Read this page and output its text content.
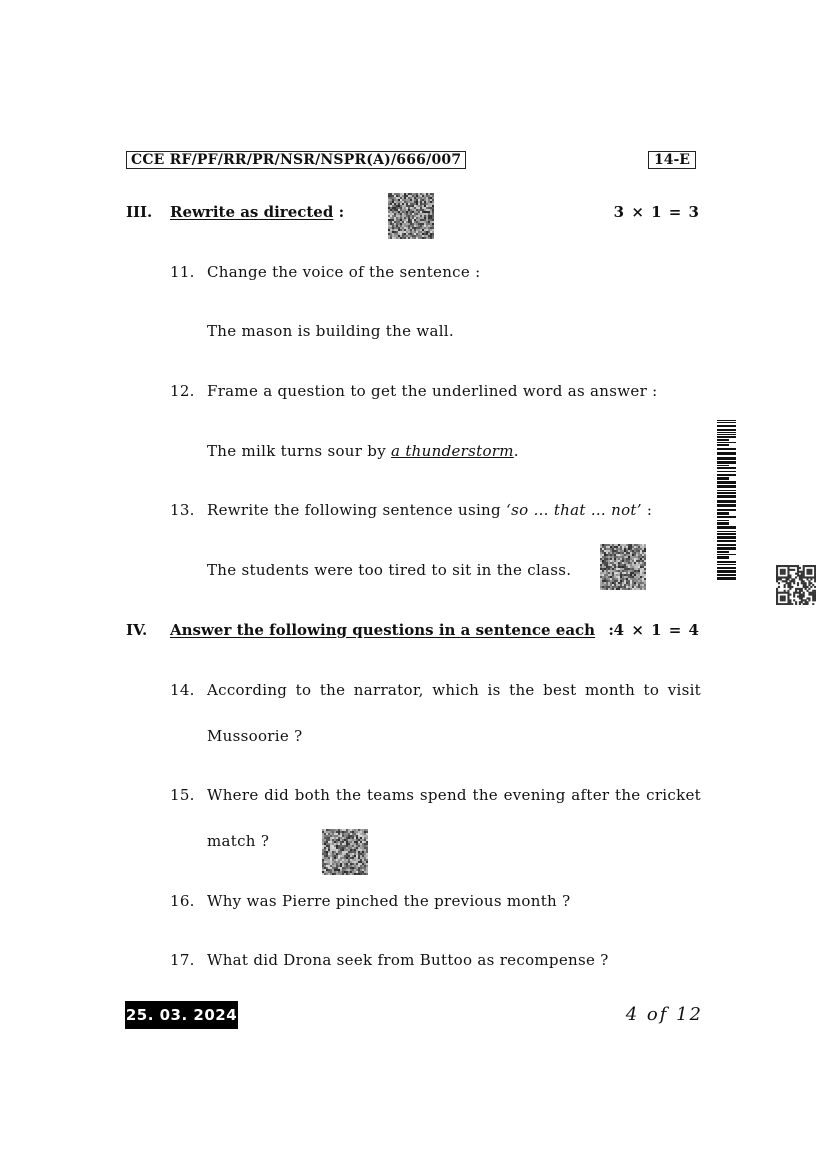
CCE RF/PF/RR/PR/NSR/NSPR(A)/666/007	14-E
III. Rewrite as directed :	3 × 1 = 3
11. Change the voice of the sentence :
The mason is building the wall.
12. Frame a question to get the underlined word as answer :
The milk turns sour by a thunderstorm.
13. Rewrite the following sentence using ‘so … that … not’ :
The students were too tired to sit in the class.
IV. Answer the following questions in a sentence each : 4 × 1 = 4
14. According to the narrator, which is the best month to visit
Mussoorie ?
15. Where did both the teams spend the evening after the cricket
match ?
16. Why was Pierre pinched the previous month ?
17. What did Drona seek from Buttoo as recompense ?
25. 03. 2024	4 of 12
